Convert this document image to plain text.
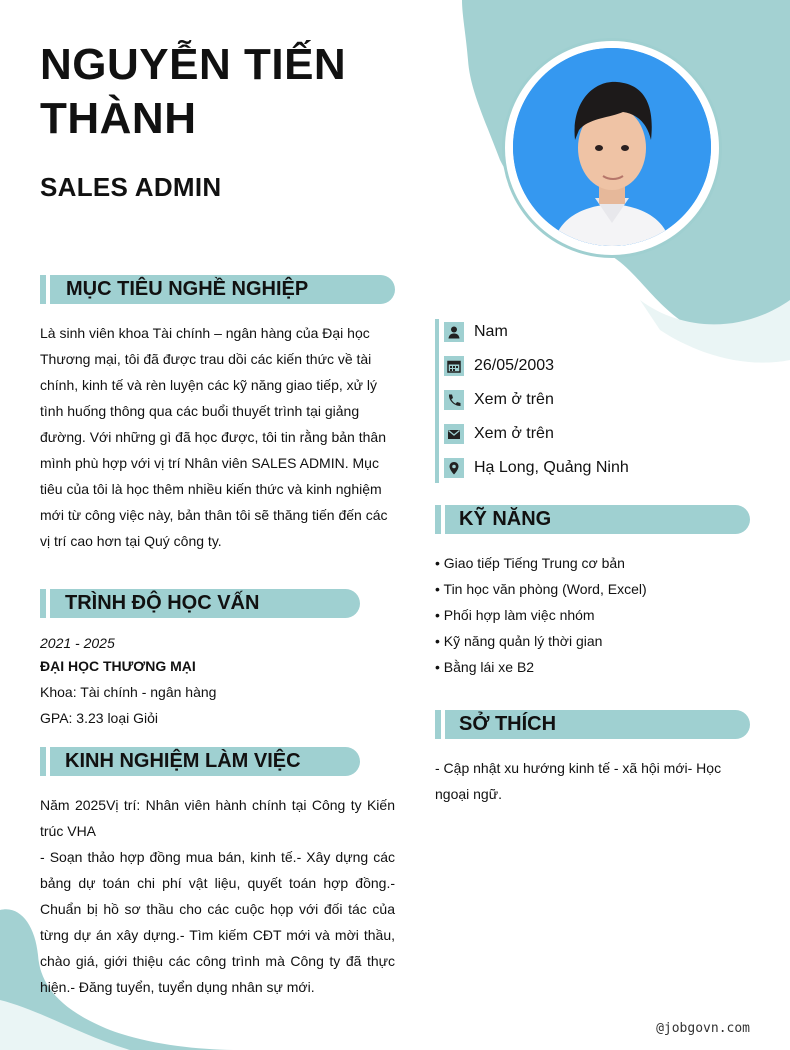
NGUYỄN TIẾN THÀNH
SALES ADMIN
MỤC TIÊU NGHỀ NGHIỆP

Là sinh viên khoa Tài chính – ngân hàng của Đại học Thương mại, tôi đã được trau dồi các kiến thức về tài chính, kinh tế và rèn luyện các kỹ năng giao tiếp, xử lý tình huống thông qua các buổi thuyết trình tại giảng đường. Với những gì đã học được, tôi tin rằng bản thân mình phù hợp với vị trí Nhân viên SALES ADMIN. Mục tiêu của tôi là học thêm nhiều kiến thức và kinh nghiệm mới từ công việc này, bản thân tôi sẽ thăng tiến đến các vị trí cao hơn tại Quý công ty.

TRÌNH ĐỘ HỌC VẤN
2021 - 2025
ĐẠI HỌC THƯƠNG MẠI
Khoa: Tài chính - ngân hàng
GPA: 3.23 loại Giỏi
KINH NGHIỆM LÀM VIỆC

Năm 2025Vị trí: Nhân viên hành chính tại Công ty Kiến trúc VHA

- Soạn thảo hợp đồng mua bán, kinh tế.- Xây dựng các bảng dự toán chi phí vật liệu, quyết toán hợp đồng.- Chuẩn bị hồ sơ thầu cho các cuộc họp với đối tác của từng dự án xây dựng.- Tìm kiếm CĐT mới và mời thầu, chào giá, giới thiệu các công trình mà Công ty đã thực hiện.- Đăng tuyển, tuyển dụng nhân sự mới.

Nam
26/05/2003
Xem ở trên
Xem ở trên
Hạ Long, Quảng Ninh
KỸ NĂNG
• Giao tiếp Tiếng Trung cơ bản
• Tin học văn phòng (Word, Excel)
• Phối hợp làm việc nhóm
• Kỹ năng quản lý thời gian
• Bằng lái xe B2
SỞ THÍCH

- Cập nhật xu hướng kinh tế - xã hội mới- Học ngoại ngữ.

@jobgovn.com
